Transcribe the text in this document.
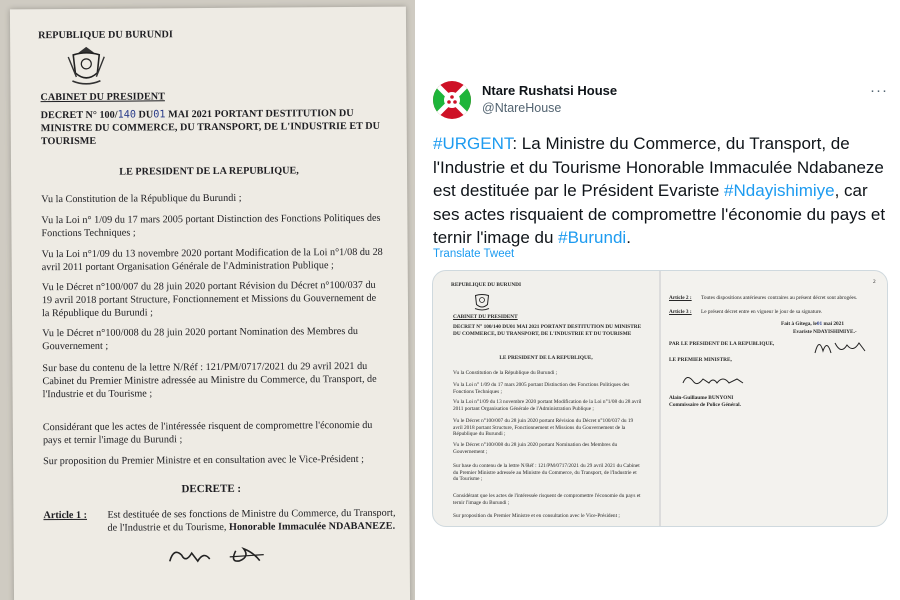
REPUBLIQUE DU BURUNDI

CABINET DU PRESIDENT

DECRET N° 100/140 DU01 MAI 2021 PORTANT DESTITUTION DU MINISTRE DU COMMERCE, DU TRANSPORT, DE L'INDUSTRIE ET DU TOURISME

LE PRESIDENT DE LA REPUBLIQUE,

Vu la Constitution de la République du Burundi ;

Vu la Loi n° 1/09 du 17 mars 2005 portant Distinction des Fonctions Politiques des Fonctions Techniques ;

Vu la Loi n°1/09 du 13 novembre 2020 portant Modification de la Loi n°1/08 du 28 avril 2011 portant Organisation Générale de l'Administration Publique ;

Vu le Décret n°100/007 du 28 juin 2020 portant Révision du Décret n°100/037 du 19 avril 2018 portant Structure, Fonctionnement et Missions du Gouvernement de la République du Burundi ;

Vu le Décret n°100/008 du 28 juin 2020 portant Nomination des Membres du Gouvernement ;

Sur base du contenu de la lettre N/Réf : 121/PM/0717/2021 du 29 avril 2021 du Cabinet du Premier Ministre adressée au Ministre du Commerce, du Transport, de l'Industrie et du Tourisme ;

Considérant que les actes de l'intéressée risquent de compromettre l'économie du pays et ternir l'image du Burundi ;

Sur proposition du Premier Ministre et en consultation avec le Vice-Président ;

DECRETE :

Article 1 : Est destituée de ses fonctions de Ministre du Commerce, du Transport, de l'Industrie et du Tourisme, Honorable Immaculée NDABANEZE.

Ntare Rushatsi House
@NtareHouse
···
#URGENT: La Ministre du Commerce, du Transport, de l'Industrie et du Tourisme Honorable Immaculée Ndabaneze est destituée par le Président Evariste #Ndayishimiye, car ses actes risquaient de compromettre l'économie du pays et ternir l'image du #Burundi.
Translate Tweet

REPUBLIQUE DU BURUNDI

CABINET DU PRESIDENT

DECRET N° 100/140 DU01 MAI 2021 PORTANT DESTITUTION DU MINISTRE DU COMMERCE, DU TRANSPORT, DE L'INDUSTRIE ET DU TOURISME

LE PRESIDENT DE LA REPUBLIQUE,

Vu la Constitution de la République du Burundi ;

Vu la Loi n° 1/09 du 17 mars 2005 portant Distinction des Fonctions Politiques des Fonctions Techniques ;

Vu la Loi n°1/09 du 13 novembre 2020 portant Modification de la Loi n°1/08 du 28 avril 2011 portant Organisation Générale de l'Administration Publique ;

Vu le Décret n°100/007 du 28 juin 2020 portant Révision du Décret n°100/037 du 19 avril 2018 portant Structure, Fonctionnement et Missions du Gouvernement de la République du Burundi ;

Vu le Décret n°100/008 du 28 juin 2020 portant Nomination des Membres du Gouvernement ;

Sur base du contenu de la lettre N/Réf : 121/PM/0717/2021 du 29 avril 2021 du Cabinet du Premier Ministre adressée au Ministre du Commerce, du Transport, de l'Industrie et du Tourisme ;

Considérant que les actes de l'intéressée risquent de compromettre l'économie du pays et ternir l'image du Burundi ;

Sur proposition du Premier Ministre et en consultation avec le Vice-Président ;

2

Article 2 : Toutes dispositions antérieures contraires au présent décret sont abrogées.

Article 3 : Le présent décret entre en vigueur le jour de sa signature.

Fait à Gitega, le01 mai 2021

Evariste NDAYISHIMIYE.-

PAR LE PRESIDENT DE LA REPUBLIQUE,

LE PREMIER MINISTRE,

Alain-Guillaume BUNYONI

Commissaire de Police Général.
